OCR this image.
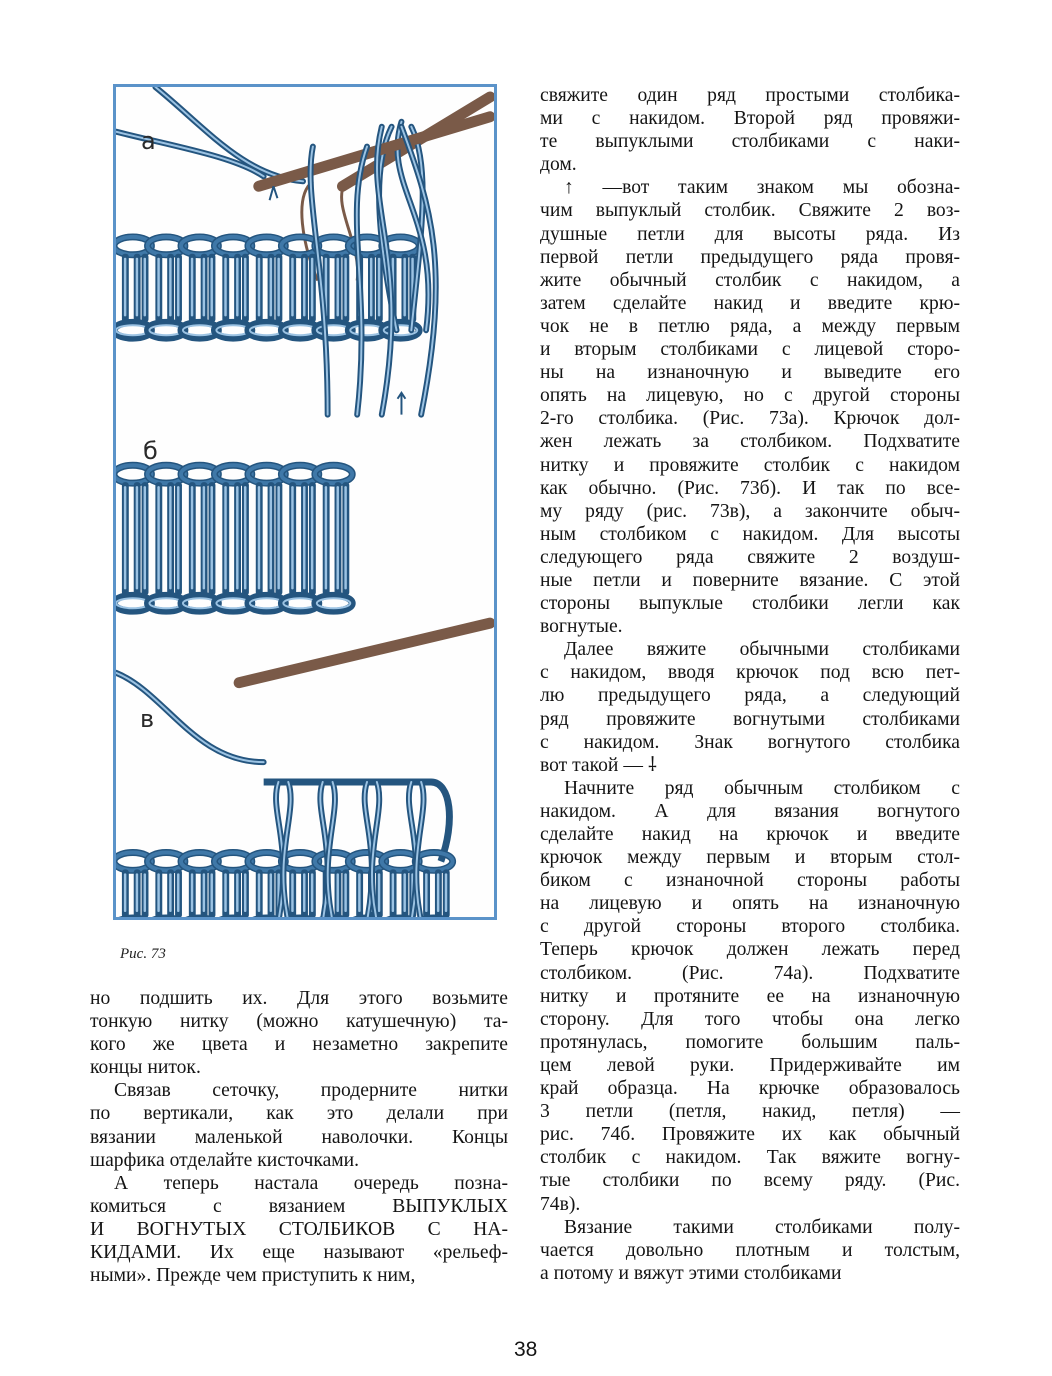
а
б
в
Рис. 73

но подшить их. Для этого возьмите
тонкую нитку (можно катушечную) та-
кого же цвета и незаметно закрепите
концы ниток.

Связав сеточку, продерните нитки
по вертикали, как это делали при
вязании маленькой наволочки. Концы
шарфика отделайте кисточками.

А теперь настала очередь позна-
комиться с вязанием ВЫПУКЛЫХ
И ВОГНУТЫХ СТОЛБИКОВ С НА-
КИДАМИ. Их еще называют «рельеф-
ными». Прежде чем приступить к ним,

свяжите один ряд простыми столбика-
ми с накидом. Второй ряд провяжи-
те выпуклыми столбиками с наки-
дом.

↑ —вот таким знаком мы обозна-
чим выпуклый столбик. Свяжите 2 воз-
душные петли для высоты ряда. Из
первой петли предыдущего ряда провя-
жите обычный столбик с накидом, а
затем сделайте накид и введите крю-
чок не в петлю ряда, а между первым
и вторым столбиками с лицевой сторо-
ны на изнаночную и выведите его
опять на лицевую, но с другой стороны
2-го столбика. (Рис. 73а). Крючок дол-
жен лежать за столбиком. Подхватите
нитку и провяжите столбик с накидом
как обычно. (Рис. 73б). И так по все-
му ряду (рис. 73в), а закончите обыч-
ным столбиком с накидом. Для высоты
следующего ряда свяжите 2 воздуш-
ные петли и поверните вязание. С этой
стороны выпуклые столбики легли как
вогнутые.

Далее вяжите обычными столбиками
с накидом, вводя крючок под всю пет-
лю предыдущего ряда, а следующий
ряд провяжите вогнутыми столбиками
с накидом. Знак вогнутого столбика
вот такой — ⸸

Начните ряд обычным столбиком с
накидом. А для вязания вогнутого
сделайте накид на крючок и введите
крючок между первым и вторым стол-
биком с изнаночной стороны работы
на лицевую и опять на изнаночную
с другой стороны второго столбика.
Теперь крючок должен лежать перед
столбиком. (Рис. 74а). Подхватите
нитку и протяните ее на изнаночную
сторону. Для того чтобы она легко
протянулась, помогите большим паль-
цем левой руки. Придерживайте им
край образца. На крючке образовалось
3 петли (петля, накид, петля) —
рис. 74б. Провяжите их как обычный
столбик с накидом. Так вяжите вогну-
тые столбики по всему ряду. (Рис.
74в).

Вязание такими столбиками полу-
чается довольно плотным и толстым,
а потому и вяжут этими столбиками

38
